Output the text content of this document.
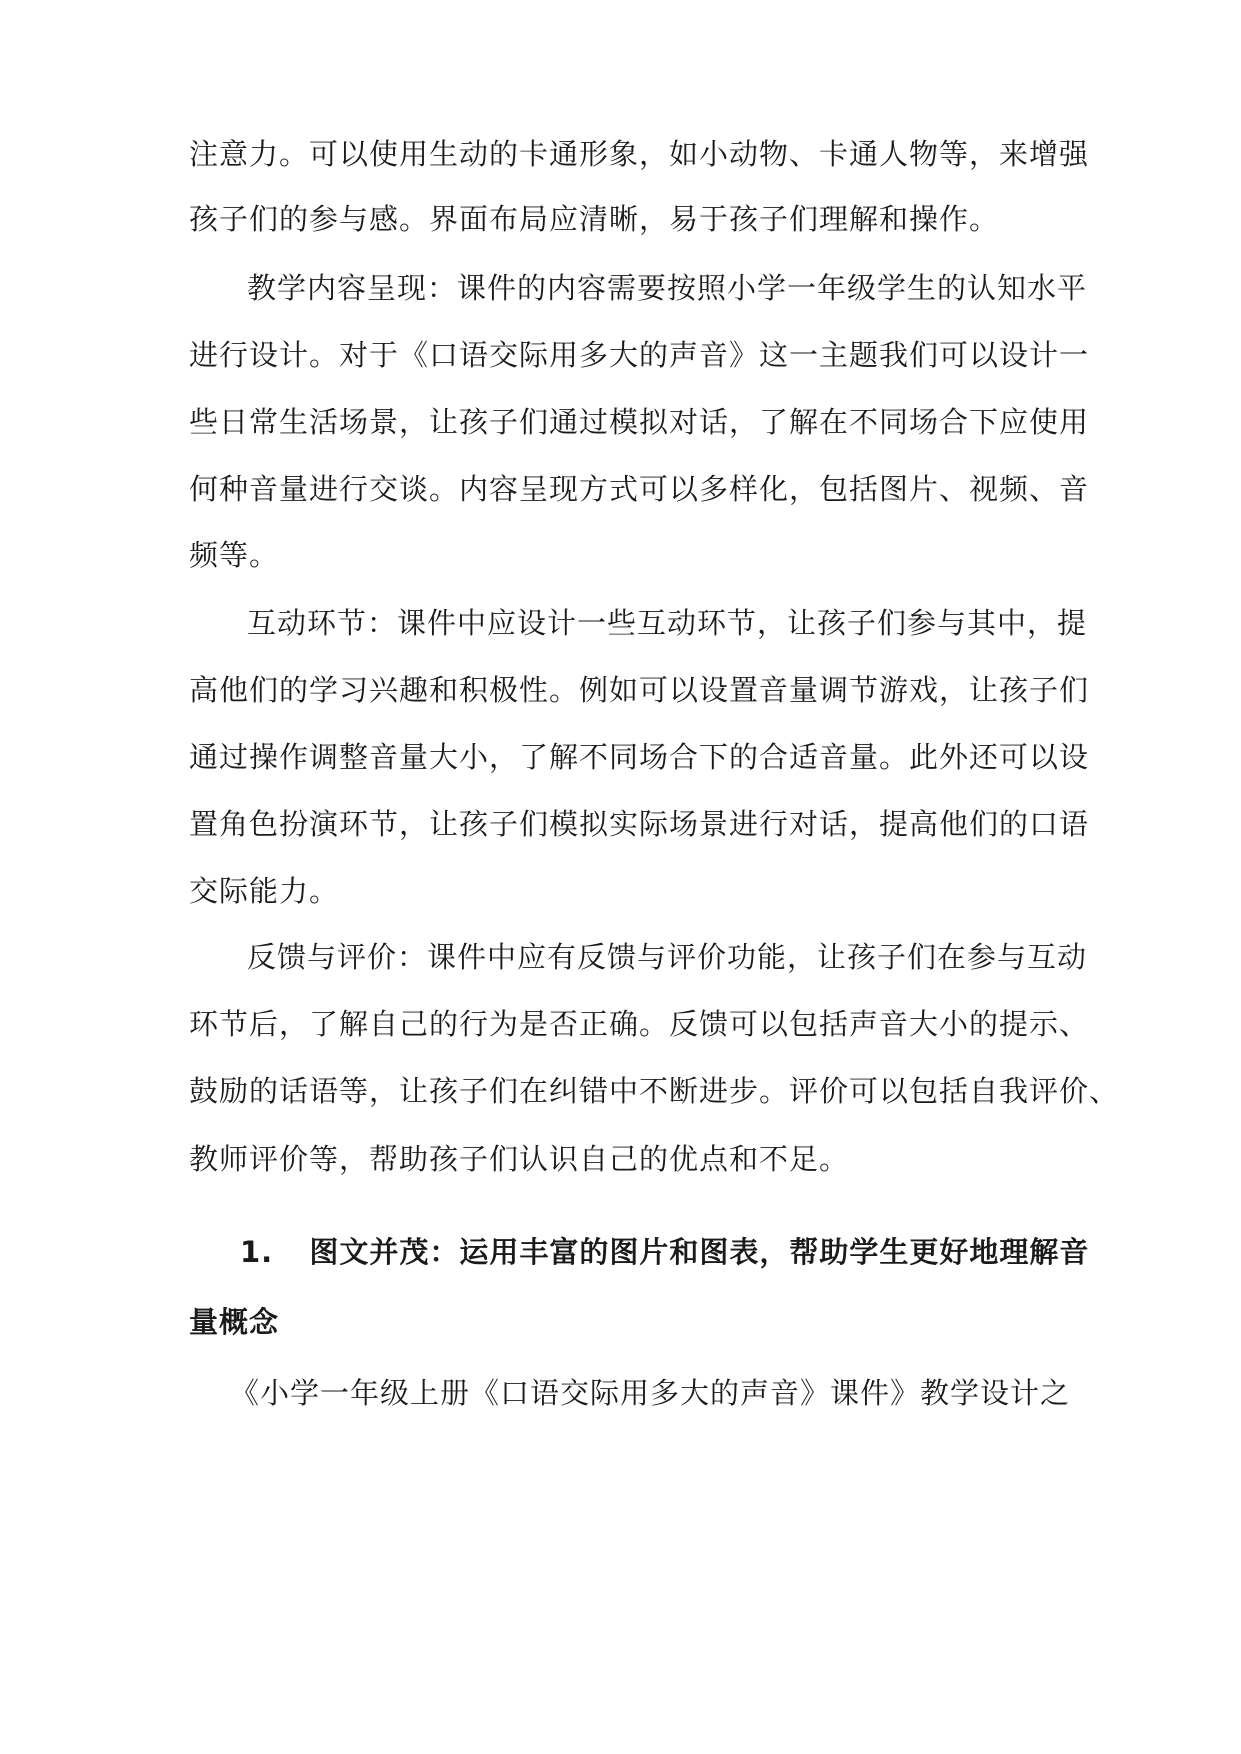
注意力。可以使用生动的卡通形象，如小动物、卡通人物等，来增强
孩子们的参与感。界面布局应清晰，易于孩子们理解和操作。
教学内容呈现：课件的内容需要按照小学一年级学生的认知水平
进行设计。对于《口语交际用多大的声音》这一主题我们可以设计一
些日常生活场景，让孩子们通过模拟对话，了解在不同场合下应使用
何种音量进行交谈。内容呈现方式可以多样化，包括图片、视频、音
频等。
互动环节：课件中应设计一些互动环节，让孩子们参与其中，提
高他们的学习兴趣和积极性。例如可以设置音量调节游戏，让孩子们
通过操作调整音量大小，了解不同场合下的合适音量。此外还可以设
置角色扮演环节，让孩子们模拟实际场景进行对话，提高他们的口语
交际能力。
反馈与评价：课件中应有反馈与评价功能，让孩子们在参与互动
环节后，了解自己的行为是否正确。反馈可以包括声音大小的提示、
鼓励的话语等，让孩子们在纠错中不断进步。评价可以包括自我评价、
教师评价等，帮助孩子们认识自己的优点和不足。
1. 图文并茂：运用丰富的图片和图表，帮助学生更好地理解音
量概念
《小学一年级上册《口语交际用多大的声音》课件》教学设计之
